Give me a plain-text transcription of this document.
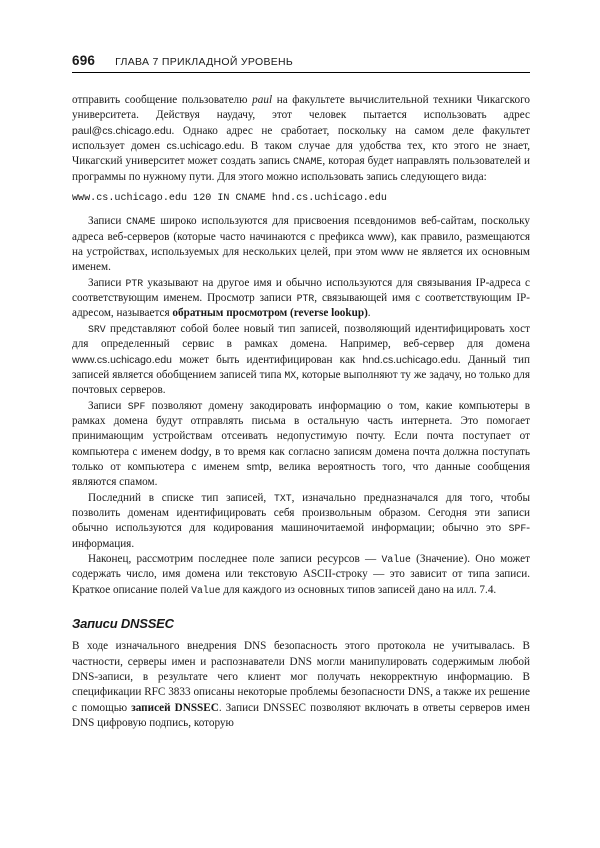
696 ГЛАВА 7 ПРИКЛАДНОЙ УРОВЕНЬ

отправить сообщение пользователю paul на факультете вычислительной техники Чикагского университета. Действуя наудачу, этот человек пытается использовать адрес paul@cs.chicago.edu. Однако адрес не сработает, поскольку на самом деле факультет использует домен cs.uchicago.edu. В таком случае для удобства тех, кто этого не знает, Чикагский университет может создать запись CNAME, которая будет направлять пользователей и программы по нужному пути. Для этого можно использовать запись следующего вида:

www.cs.uchicago.edu 120 IN CNAME hnd.cs.uchicago.edu

Записи CNAME широко используются для присвоения псевдонимов веб-сайтам, поскольку адреса веб-серверов (которые часто начинаются с префикса www), как правило, размещаются на устройствах, используемых для нескольких целей, при этом www не является их основным именем.

Записи PTR указывают на другое имя и обычно используются для связывания IP-адреса с соответствующим именем. Просмотр записи PTR, связывающей имя с соответствующим IP-адресом, называется обратным просмотром (reverse lookup).

SRV представляют собой более новый тип записей, позволяющий идентифицировать хост для определенный сервис в рамках домена. Например, веб-сервер для домена www.cs.uchicago.edu может быть идентифицирован как hnd.cs.uchicago.edu. Данный тип записей является обобщением записей типа MX, которые выполняют ту же задачу, но только для почтовых серверов.

Записи SPF позволяют домену закодировать информацию о том, какие компьютеры в рамках домена будут отправлять письма в остальную часть интернета. Это помогает принимающим устройствам отсеивать недопустимую почту. Если почта поступает от компьютера с именем dodgy, в то время как согласно записям домена почта должна поступать только от компьютера с именем smtp, велика вероятность того, что данные сообщения являются спамом.

Последний в списке тип записей, TXT, изначально предназначался для того, чтобы позволить доменам идентифицировать себя произвольным образом. Сегодня эти записи обычно используются для кодирования машиночитаемой информации; обычно это SPF-информация.

Наконец, рассмотрим последнее поле записи ресурсов — Value (Значение). Оно может содержать число, имя домена или текстовую ASCII-строку — это зависит от типа записи. Краткое описание полей Value для каждого из основных типов записей дано на илл. 7.4.

Записи DNSSEC

В ходе изначального внедрения DNS безопасность этого протокола не учитывалась. В частности, серверы имен и распознаватели DNS могли манипулировать содержимым любой DNS-записи, в результате чего клиент мог получать некорректную информацию. В спецификации RFC 3833 описаны некоторые проблемы безопасности DNS, а также их решение с помощью записей DNSSEC. Записи DNSSEC позволяют включать в ответы серверов имен DNS цифровую подпись, которую
